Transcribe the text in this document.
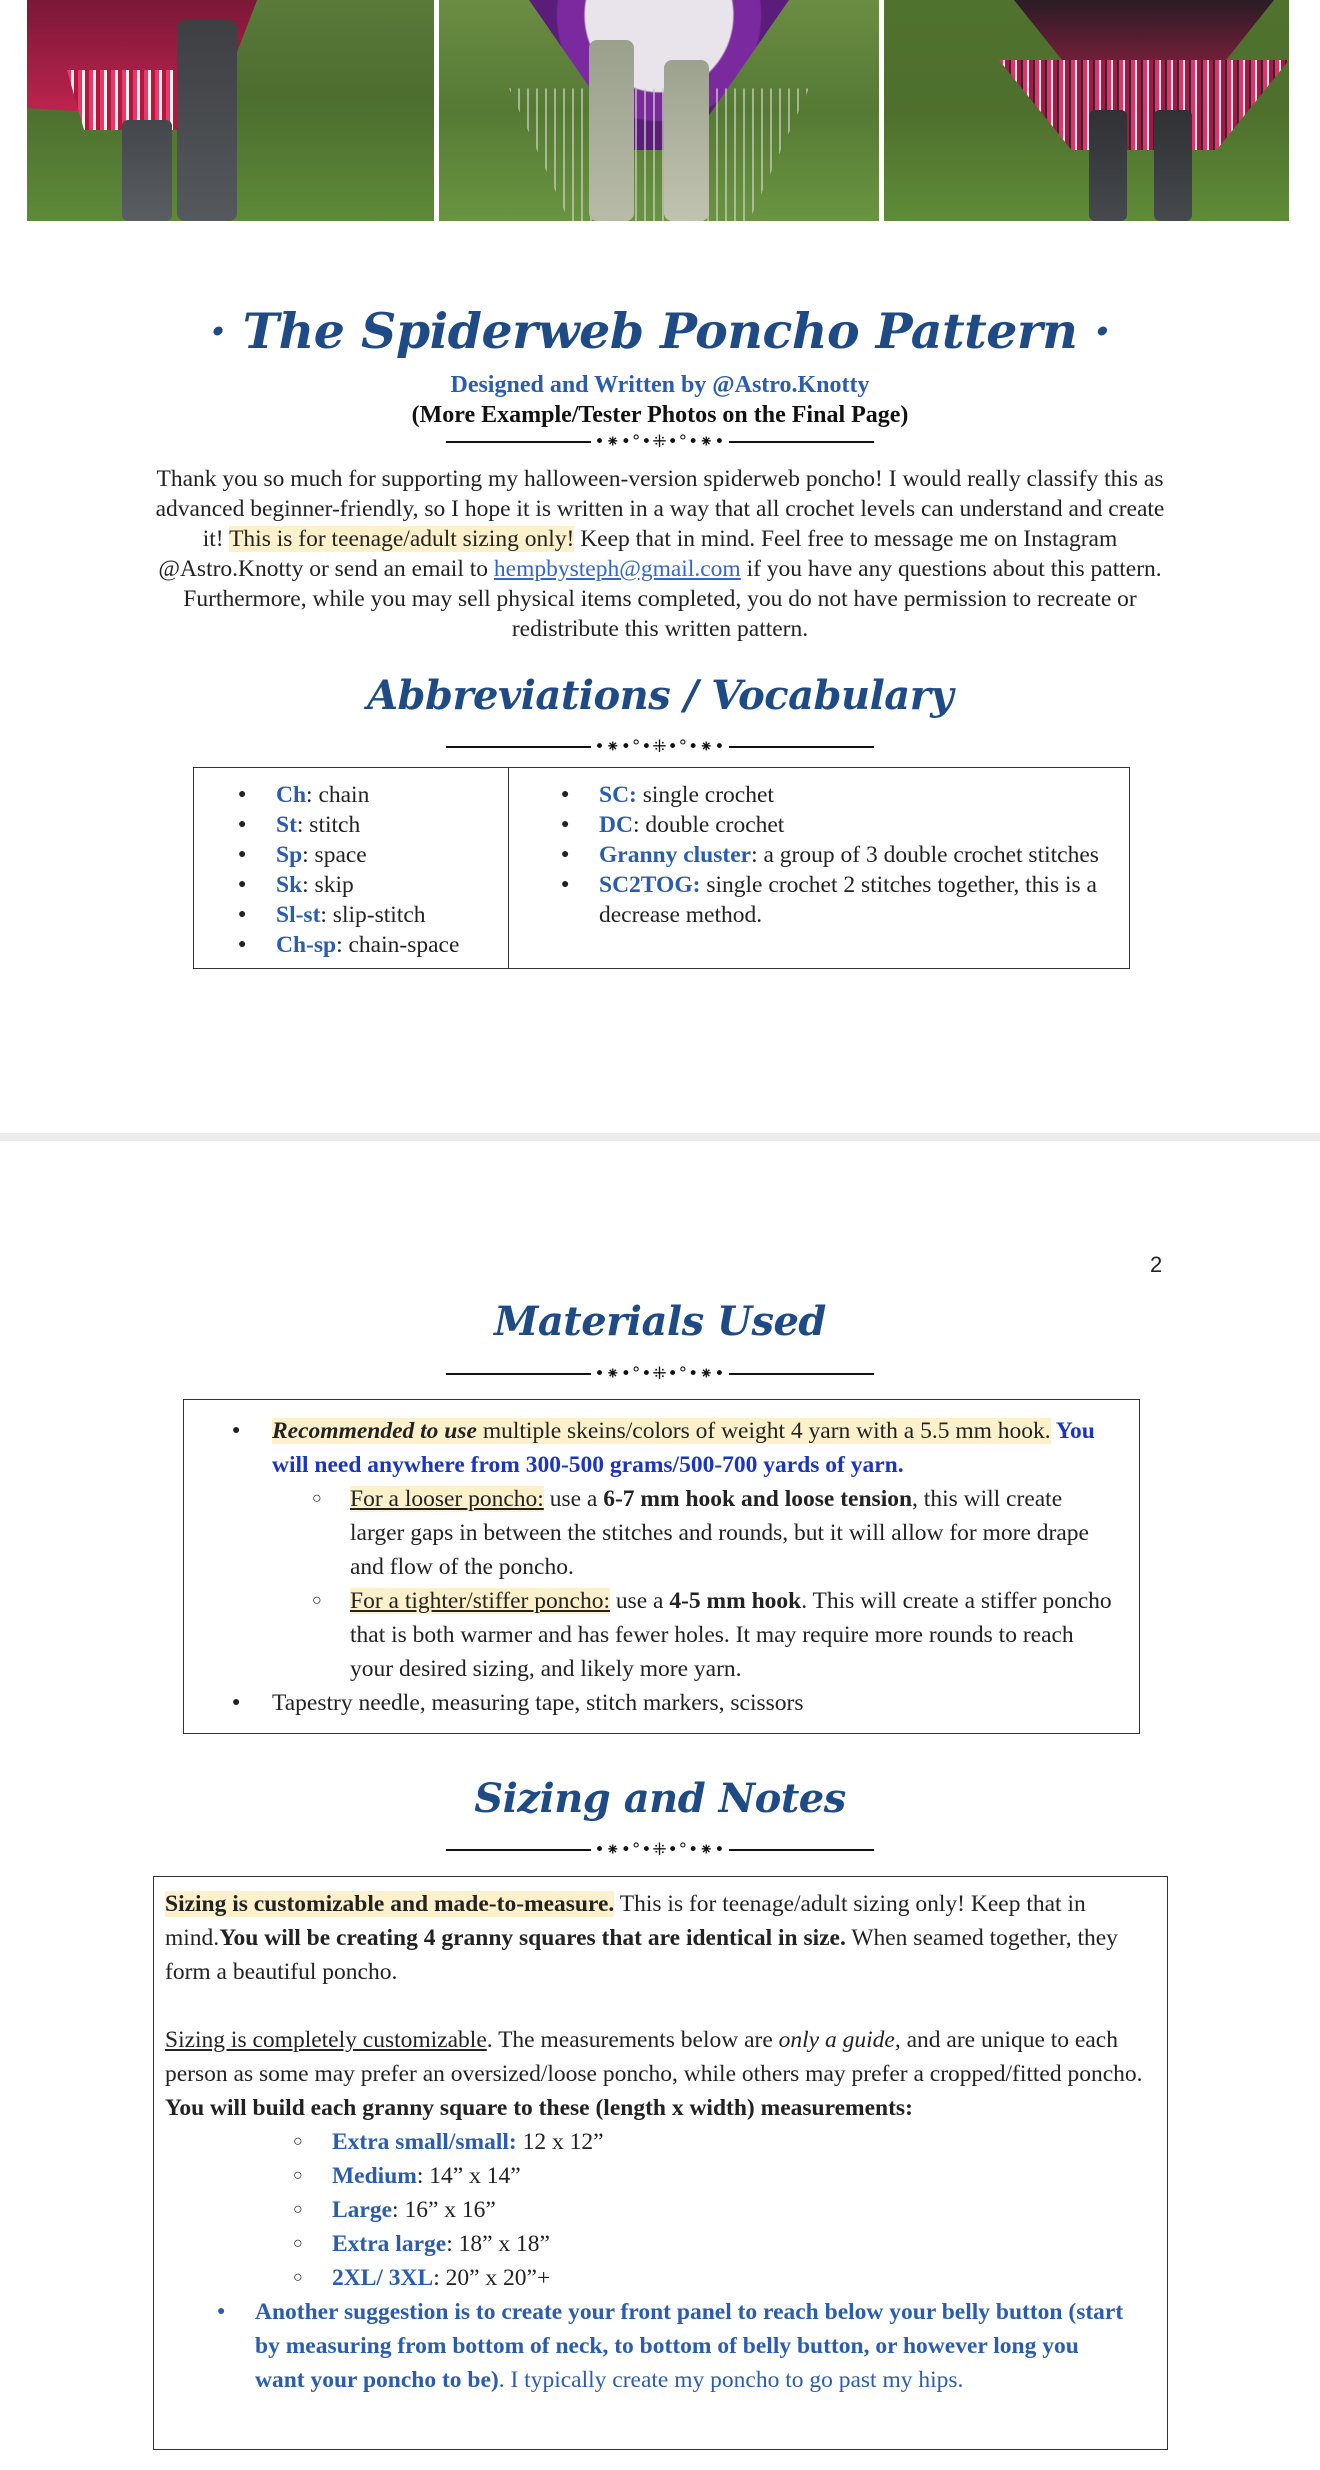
· The Spiderweb Poncho Pattern ·
Designed and Written by @Astro.Knotty
(More Example/Tester Photos on the Final Page)
•⁕•°•⁜•°•⁕•
Thank you so much for supporting my halloween-version spiderweb poncho! I would really classify this as advanced beginner-friendly, so I hope it is written in a way that all crochet levels can understand and create it! This is for teenage/adult sizing only! Keep that in mind. Feel free to message me on Instagram @Astro.Knotty or send an email to hempbysteph@gmail.com if you have any questions about this pattern. Furthermore, while you may sell physical items completed, you do not have permission to recreate or redistribute this written pattern.
Abbreviations / Vocabulary
•⁕•°•⁜•°•⁕•
● Ch: chain
● St: stitch
● Sp: space
● Sk: skip
● Sl-st: slip-stitch
● Ch-sp: chain-space

● SC: single crochet
● DC: double crochet
● Granny cluster: a group of 3 double crochet stitches
● SC2TOG: single crochet 2 stitches together, this is a decrease method.
2
Materials Used
•⁕•°•⁜•°•⁕•
● Recommended to use multiple skeins/colors of weight 4 yarn with a 5.5 mm hook. You will need anywhere from 300-500 grams/500-700 yards of yarn.
○ For a looser poncho: use a 6-7 mm hook and loose tension, this will create larger gaps in between the stitches and rounds, but it will allow for more drape and flow of the poncho.
○ For a tighter/stiffer poncho: use a 4-5 mm hook. This will create a stiffer poncho that is both warmer and has fewer holes. It may require more rounds to reach your desired sizing, and likely more yarn.
● Tapestry needle, measuring tape, stitch markers, scissors
Sizing and Notes
•⁕•°•⁜•°•⁕•
Sizing is customizable and made-to-measure. This is for teenage/adult sizing only! Keep that in mind.You will be creating 4 granny squares that are identical in size. When seamed together, they form a beautiful poncho.
Sizing is completely customizable. The measurements below are only a guide, and are unique to each person as some may prefer an oversized/loose poncho, while others may prefer a cropped/fitted poncho. You will build each granny square to these (length x width) measurements:
○ Extra small/small: 12 x 12”
○ Medium: 14” x 14”
○ Large: 16” x 16”
○ Extra large: 18” x 18”
○ 2XL/ 3XL: 20” x 20”+
● Another suggestion is to create your front panel to reach below your belly button (start by measuring from bottom of neck, to bottom of belly button, or however long you want your poncho to be). I typically create my poncho to go past my hips.
